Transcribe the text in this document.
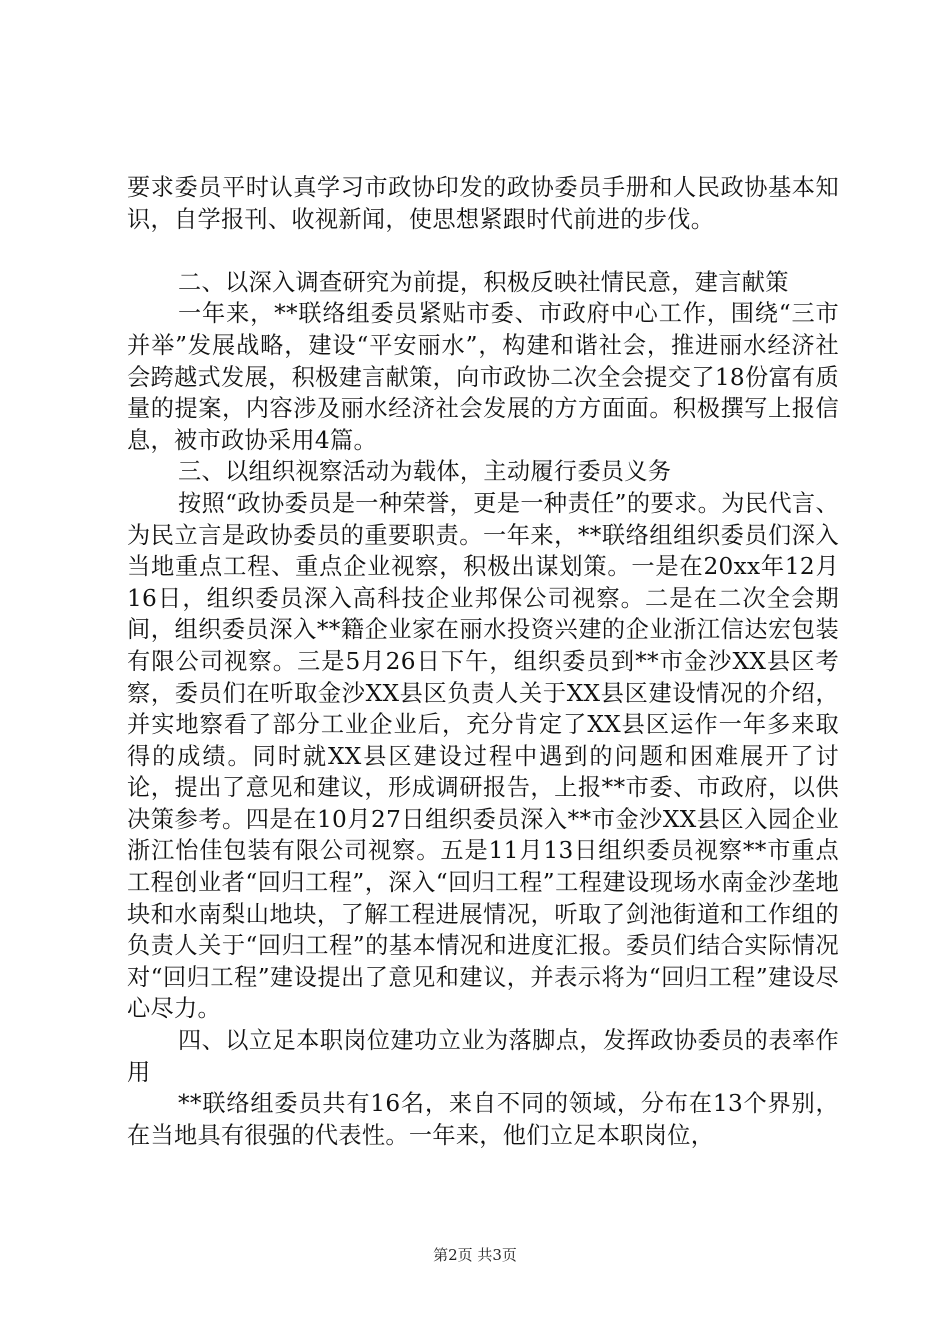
要求委员平时认真学习市政协印发的政协委员手册和人民政协基本知识，自学报刊、收视新闻，使思想紧跟时代前进的步伐。

二、以深入调查研究为前提，积极反映社情民意，建言献策

一年来，**联络组委员紧贴市委、市政府中心工作，围绕“三市并举”发展战略，建设“平安丽水”，构建和谐社会，推进丽水经济社会跨越式发展，积极建言献策，向市政协二次全会提交了18份富有质量的提案，内容涉及丽水经济社会发展的方方面面。积极撰写上报信息，被市政协采用4篇。

三、以组织视察活动为载体，主动履行委员义务

按照“政协委员是一种荣誉，更是一种责任”的要求。为民代言、为民立言是政协委员的重要职责。一年来，**联络组组织委员们深入当地重点工程、重点企业视察，积极出谋划策。一是在20xx年12月16日，组织委员深入高科技企业邦保公司视察。二是在二次全会期间，组织委员深入**籍企业家在丽水投资兴建的企业浙江信达宏包装有限公司视察。三是5月26日下午，组织委员到**市金沙XX县区考察，委员们在听取金沙XX县区负责人关于XX县区建设情况的介绍，并实地察看了部分工业企业后，充分肯定了XX县区运作一年多来取得的成绩。同时就XX县区建设过程中遇到的问题和困难展开了讨论，提出了意见和建议，形成调研报告，上报**市委、市政府，以供决策参考。四是在10月27日组织委员深入**市金沙XX县区入园企业浙江怡佳包装有限公司视察。五是11月13日组织委员视察**市重点工程创业者“回归工程”，深入“回归工程”工程建设现场水南金沙垄地块和水南梨山地块，了解工程进展情况，听取了剑池街道和工作组的负责人关于“回归工程”的基本情况和进度汇报。委员们结合实际情况对“回归工程”建设提出了意见和建议，并表示将为“回归工程”建设尽心尽力。

四、以立足本职岗位建功立业为落脚点，发挥政协委员的表率作用

**联络组委员共有16名，来自不同的领域，分布在13个界别，在当地具有很强的代表性。一年来，他们立足本职岗位，

第2页 共3页
